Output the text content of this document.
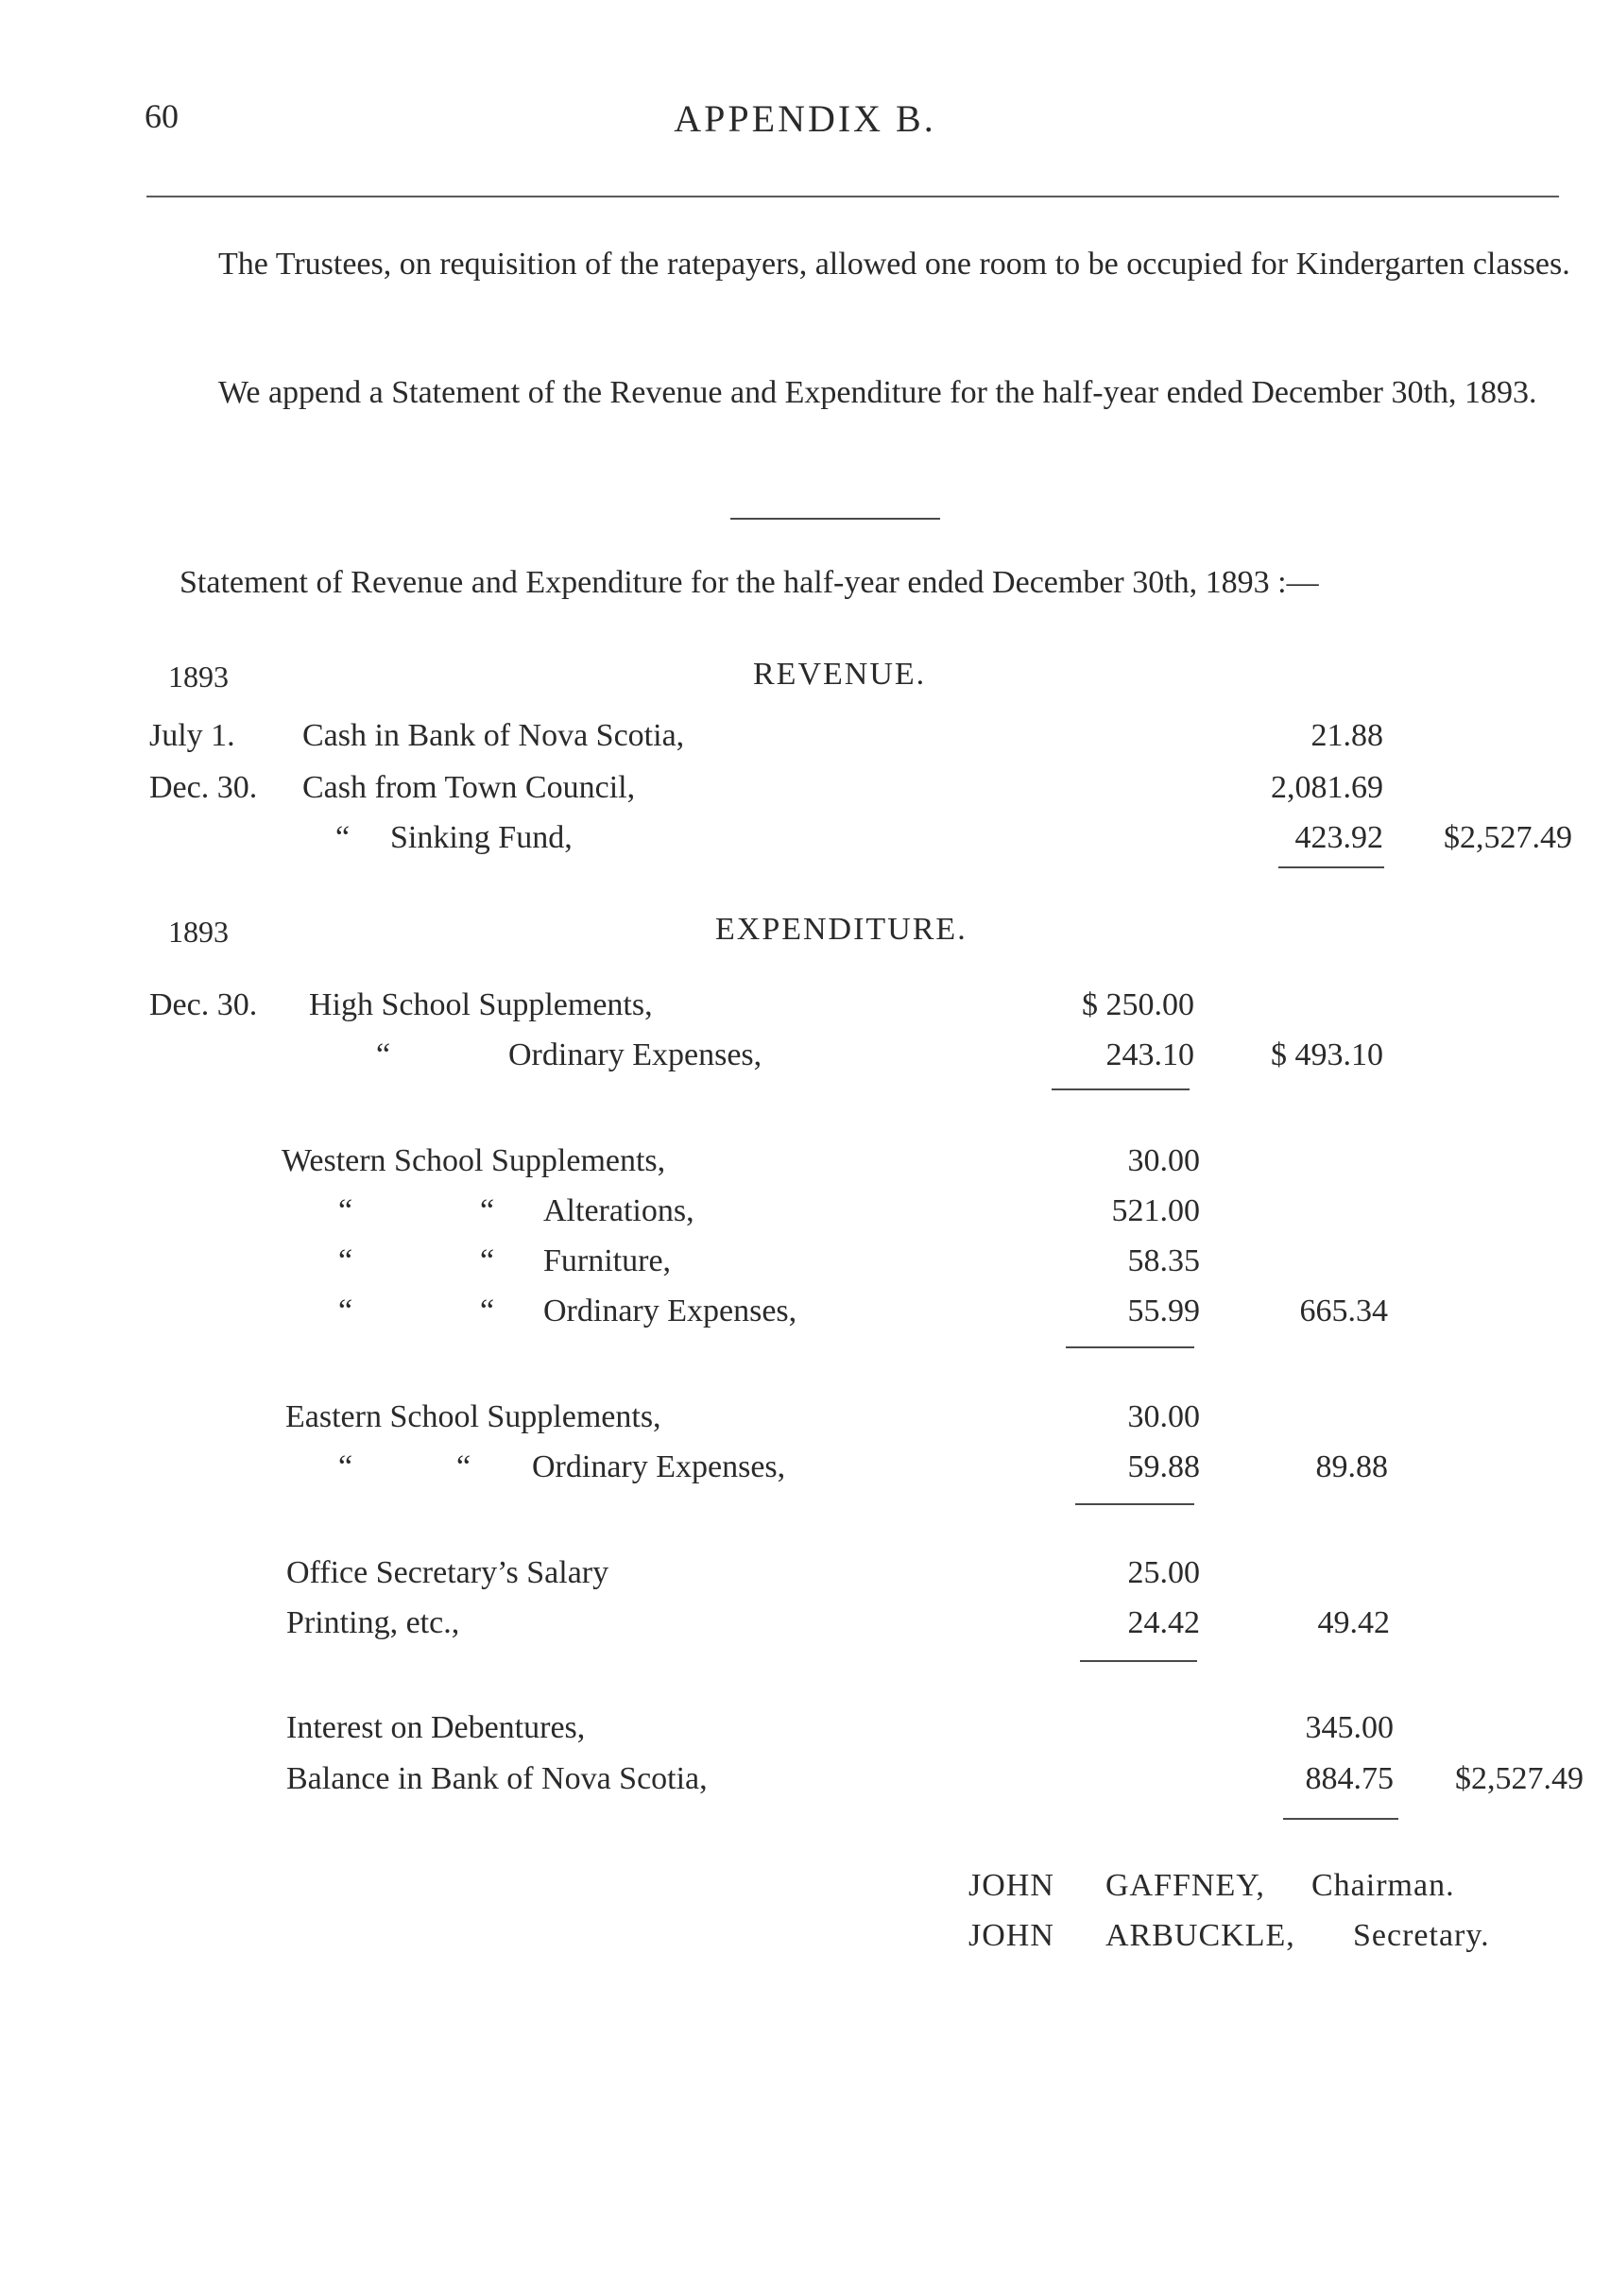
60	APPENDIX B.

The Trustees, on requisition of the ratepayers, allowed one room to be occupied for Kindergarten classes.

We append a Statement of the Revenue and Expenditure for the half-year ended December 30th, 1893.

Statement of Revenue and Expenditure for the half-year ended December 30th, 1893 :—
1893	REVENUE.
July 1. Cash in Bank of Nova Scotia,	21.88
Dec. 30. Cash from Town Council,	2,081.69
“ Sinking Fund,	423.92 $2,527.49
1893	EXPENDITURE.
Dec. 30. High School Supplements,	$ 250.00
“	Ordinary Expenses,	243.10 $ 493.10
Western School Supplements,	30.00
“	“ Alterations,	521.00
“	“ Furniture,	58.35
“	“ Ordinary Expenses,	55.99	665.34
Eastern School Supplements,	30.00
“	“ Ordinary Expenses,	59.88	89.88
Office Secretary’s Salary	25.00
Printing, etc.,	24.42	49.42
Interest on Debentures,	345.00
Balance in Bank of Nova Scotia,	884.75 $2,527.49
JOHN GAFFNEY, Chairman.
JOHN ARBUCKLE, Secretary.
